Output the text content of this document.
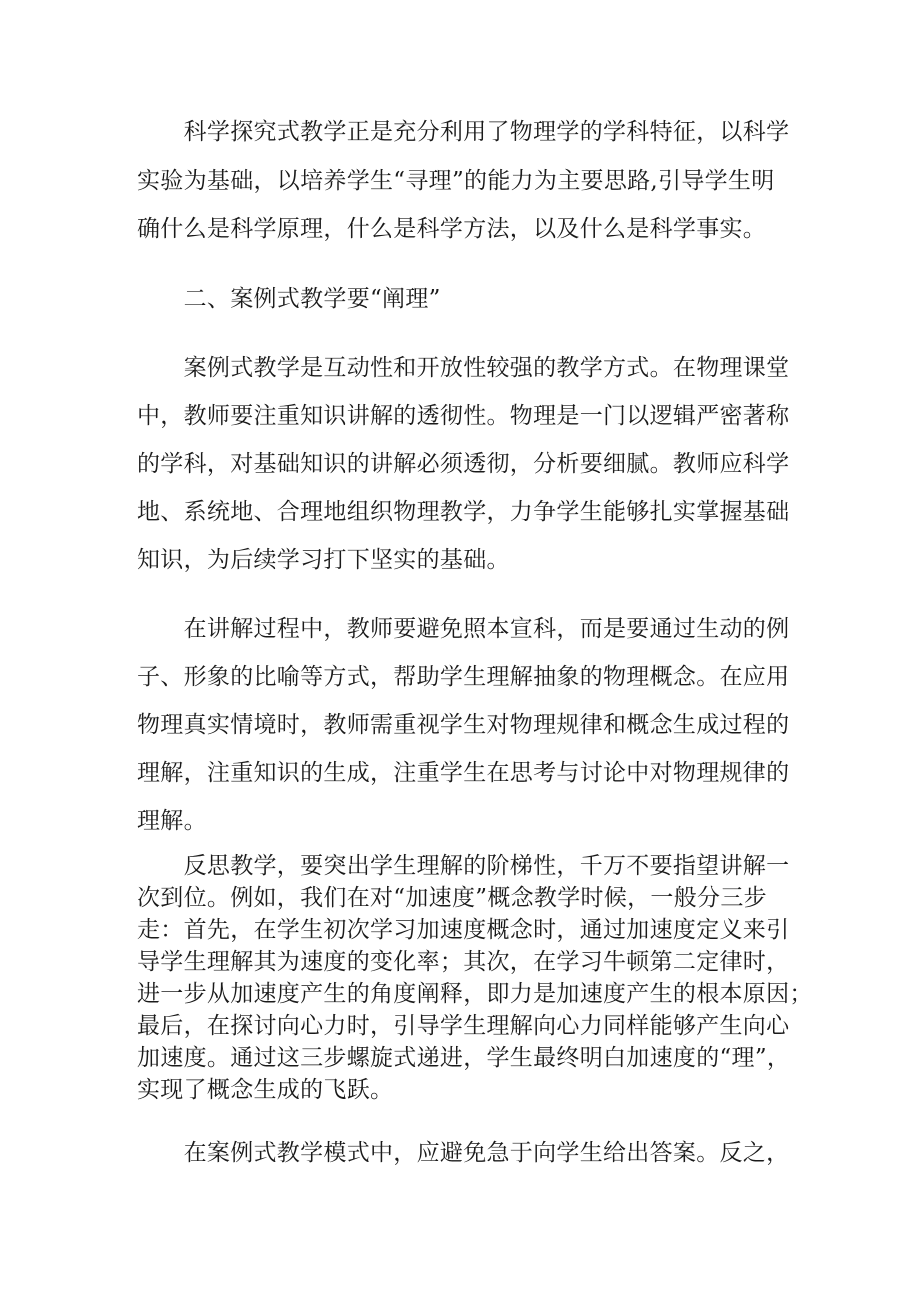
　　科学探究式教学正是充分利用了物理学的学科特征，以科学
实验为基础，以培养学生“寻理”的能力为主要思路,引导学生明
确什么是科学原理，什么是科学方法，以及什么是科学事实。
　　二、案例式教学要“阐理”
　　案例式教学是互动性和开放性较强的教学方式。在物理课堂
中，教师要注重知识讲解的透彻性。物理是一门以逻辑严密著称
的学科，对基础知识的讲解必须透彻，分析要细腻。教师应科学
地、系统地、合理地组织物理教学，力争学生能够扎实掌握基础
知识，为后续学习打下坚实的基础。
　　在讲解过程中，教师要避免照本宣科，而是要通过生动的例
子、形象的比喻等方式，帮助学生理解抽象的物理概念。在应用
物理真实情境时，教师需重视学生对物理规律和概念生成过程的
理解，注重知识的生成，注重学生在思考与讨论中对物理规律的
理解。
　　反思教学，要突出学生理解的阶梯性，千万不要指望讲解一
次到位。例如，我们在对“加速度”概念教学时候，一般分三步
走：首先，在学生初次学习加速度概念时，通过加速度定义来引
导学生理解其为速度的变化率；其次，在学习牛顿第二定律时，
进一步从加速度产生的角度阐释，即力是加速度产生的根本原因；
最后，在探讨向心力时，引导学生理解向心力同样能够产生向心
加速度。通过这三步螺旋式递进，学生最终明白加速度的“理”，
实现了概念生成的飞跃。
　　在案例式教学模式中，应避免急于向学生给出答案。反之，
